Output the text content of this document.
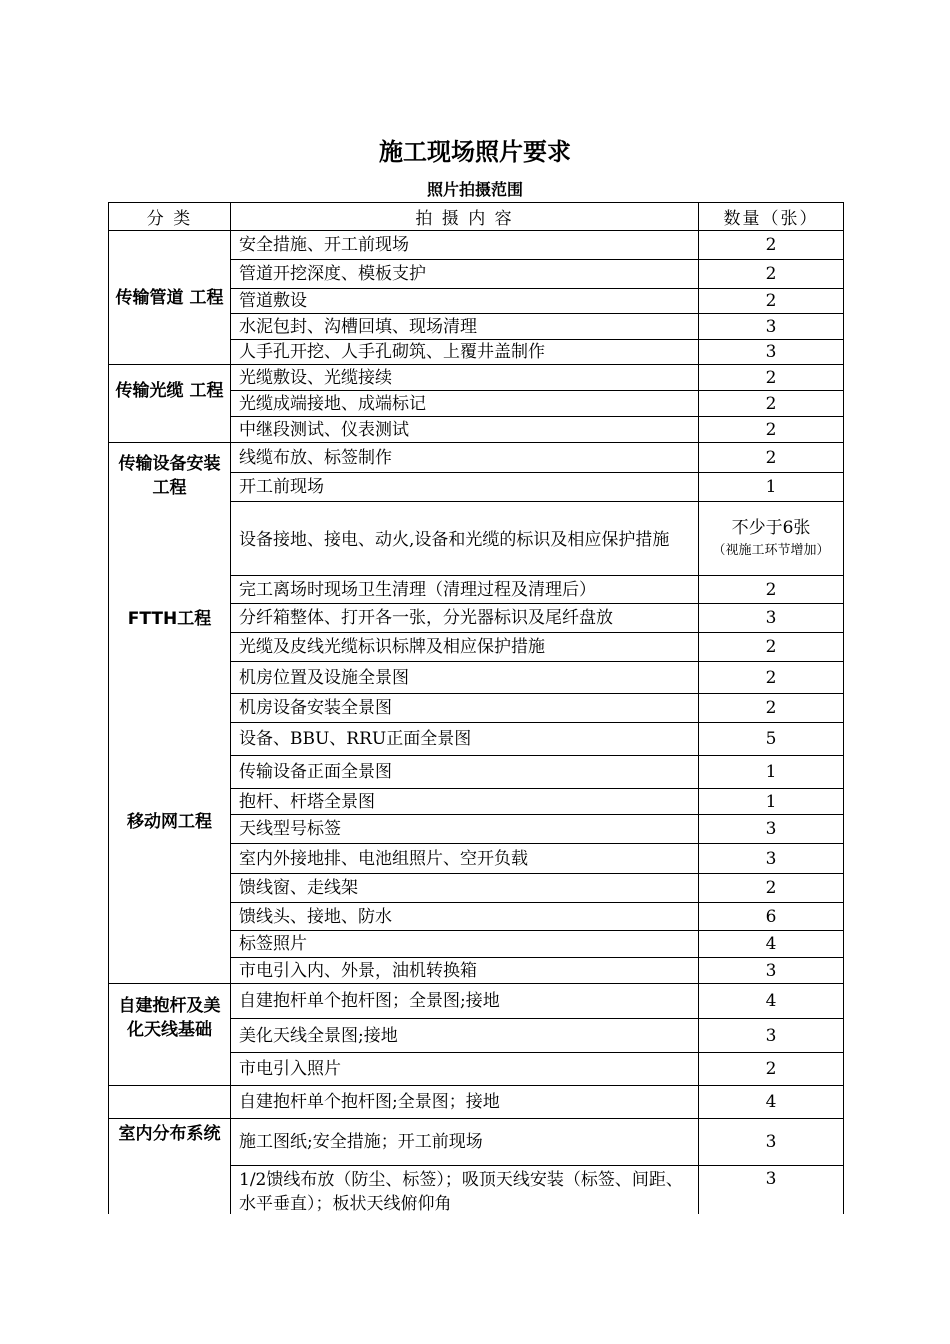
施工现场照片要求
照片拍摄范围
分 类	拍 摄 内 容	数量（张）
传输管道 工程	安全措施、开工前现场	2
	管道开挖深度、模板支护	2
	管道敷设	2
	水泥包封、沟槽回填、现场清理	3
	人手孔开挖、人手孔砌筑、上覆井盖制作	3
传输光缆 工程	光缆敷设、光缆接续	2
	光缆成端接地、成端标记	2
	中继段测试、仪表测试	2
传输设备安装工程	线缆布放、标签制作	2
	开工前现场	1
	设备接地、接电、动火,设备和光缆的标识及相应保护措施	不少于6张
（视施工环节增加）

FTTH工程	完工离场时现场卫生清理（清理过程及清理后）	2
	分纤箱整体、打开各一张，分光器标识及尾纤盘放	3
	光缆及皮线光缆标识标牌及相应保护措施	2
移动网工程	机房位置及设施全景图	2
	机房设备安装全景图	2
	设备、BBU、RRU正面全景图	5
	传输设备正面全景图	1
	抱杆、杆塔全景图	1
	天线型号标签	3
	室内外接地排、电池组照片、空开负载	3
	馈线窗、走线架	2
	馈线头、接地、防水	6
	标签照片	4
	市电引入内、外景，油机转换箱	3
自建抱杆及美化天线基础	自建抱杆单个抱杆图；全景图;接地	4
	美化天线全景图;接地	3
	市电引入照片	2
	自建抱杆单个抱杆图;全景图；接地	4
室内分布系统	施工图纸;安全措施；开工前现场	3
	1/2馈线布放（防尘、标签）；吸顶天线安装（标签、间距、水平垂直）；板状天线俯仰角	3
